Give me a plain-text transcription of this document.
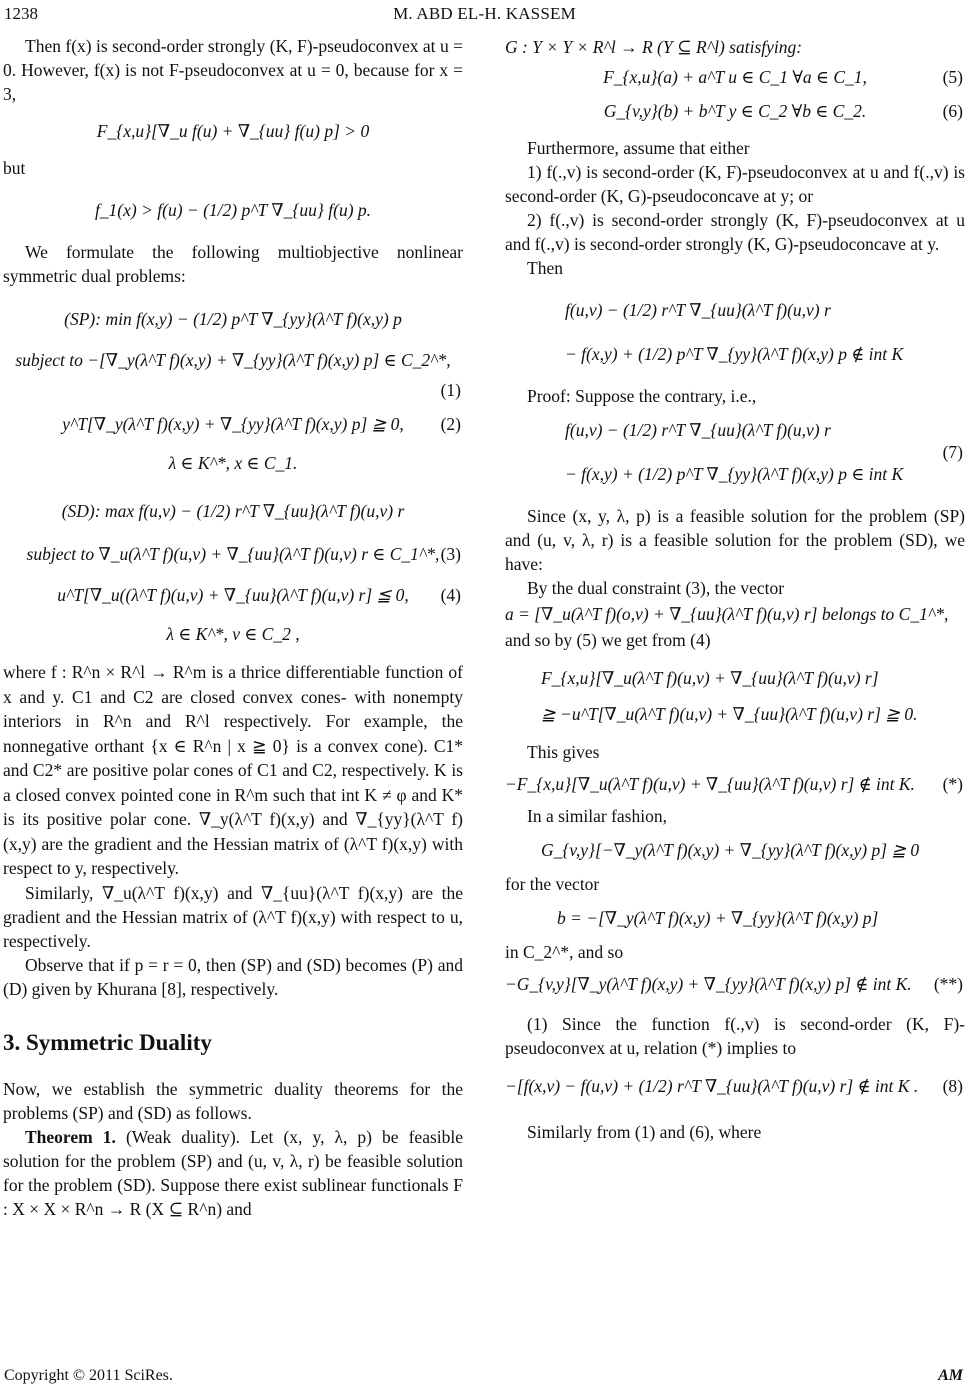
1238	M. ABD EL-H. KASSEM

Then f(x) is second-order strongly (K, F)-pseudoconvex at u = 0. However, f(x) is not F-pseudoconvex at u = 0, because for x = 3,

F_{x,u}[∇_u f(u) + ∇_{uu} f(u) p] > 0

but

f_1(x) > f(u) − (1/2) p^T ∇_{uu} f(u) p.

We formulate the following multiobjective nonlinear symmetric dual problems:

(SP): min f(x,y) − (1/2) p^T ∇_{yy}(λ^T f)(x,y) p
subject to −[∇_y(λ^T f)(x,y) + ∇_{yy}(λ^T f)(x,y) p] ∈ C_2^*,
(1)
y^T[∇_y(λ^T f)(x,y) + ∇_{yy}(λ^T f)(x,y) p] ≧ 0, (2)
λ ∈ K^*, x ∈ C_1.
(SD): max f(u,v) − (1/2) r^T ∇_{uu}(λ^T f)(u,v) r
subject to ∇_u(λ^T f)(u,v) + ∇_{uu}(λ^T f)(u,v) r ∈ C_1^*, (3)
u^T[∇_u((λ^T f)(u,v) + ∇_{uu}(λ^T f)(u,v) r] ≦ 0, (4)
λ ∈ K^*, v ∈ C_2 ,

where f : R^n × R^l → R^m is a thrice differentiable function of x and y. C1 and C2 are closed convex cones- with nonempty interiors in R^n and R^l respectively. For example, the nonnegative orthant {x ∈ R^n | x ≧ 0} is a convex cone). C1* and C2* are positive polar cones of C1 and C2, respectively. K is a closed convex pointed cone in R^m such that int K ≠ φ and K* is its positive polar cone. ∇_y(λ^T f)(x,y) and ∇_{yy}(λ^T f)(x,y) are the gradient and the Hessian matrix of (λ^T f)(x,y) with respect to y, respectively.

Similarly, ∇_u(λ^T f)(x,y) and ∇_{uu}(λ^T f)(x,y) are the gradient and the Hessian matrix of (λ^T f)(x,y) with respect to u, respectively.

Observe that if p = r = 0, then (SP) and (SD) becomes (P) and (D) given by Khurana [8], respectively.

3. Symmetric Duality

Now, we establish the symmetric duality theorems for the problems (SP) and (SD) as follows.

Theorem 1. (Weak duality). Let (x, y, λ, p) be feasible solution for the problem (SP) and (u, v, λ, r) be feasible solution for the problem (SD). Suppose there exist sublinear functionals F : X × X × R^n → R (X ⊆ R^n) and

G : Y × Y × R^l → R (Y ⊆ R^l) satisfying:
F_{x,u}(a) + a^T u ∈ C_1 ∀a ∈ C_1,	(5)
G_{v,y}(b) + b^T y ∈ C_2 ∀b ∈ C_2.	(6)

Furthermore, assume that either

1) f(.,v) is second-order (K, F)-pseudoconvex at u and f(.,v) is second-order (K, G)-pseudoconcave at y; or

2) f(.,v) is second-order strongly (K, F)-pseudoconvex at u and f(.,v) is second-order strongly (K, G)-pseudoconcave at y.

Then

f(u,v) − (1/2) r^T ∇_{uu}(λ^T f)(u,v) r
− f(x,y) + (1/2) p^T ∇_{yy}(λ^T f)(x,y) p ∉ int K

Proof: Suppose the contrary, i.e.,

f(u,v) − (1/2) r^T ∇_{uu}(λ^T f)(u,v) r
− f(x,y) + (1/2) p^T ∇_{yy}(λ^T f)(x,y) p ∈ int K
(7)

Since (x, y, λ, p) is a feasible solution for the problem (SP) and (u, v, λ, r) is a feasible solution for the problem (SD), we have:

By the dual constraint (3), the vector

a = [∇_u(λ^T f)(o,v) + ∇_{uu}(λ^T f)(u,v) r] belongs to C_1^*,

and so by (5) we get from (4)

F_{x,u}[∇_u(λ^T f)(u,v) + ∇_{uu}(λ^T f)(u,v) r]
≧ −u^T[∇_u(λ^T f)(u,v) + ∇_{uu}(λ^T f)(u,v) r] ≧ 0.

This gives

−F_{x,u}[∇_u(λ^T f)(u,v) + ∇_{uu}(λ^T f)(u,v) r] ∉ int K. (*)

In a similar fashion,

G_{v,y}[−∇_y(λ^T f)(x,y) + ∇_{yy}(λ^T f)(x,y) p] ≧ 0

for the vector

b = −[∇_y(λ^T f)(x,y) + ∇_{yy}(λ^T f)(x,y) p]

in C_2^*, and so

−G_{v,y}[∇_y(λ^T f)(x,y) + ∇_{yy}(λ^T f)(x,y) p] ∉ int K. (**)

(1) Since the function f(.,v) is second-order (K, F)-pseudoconvex at u, relation (*) implies to

−[f(x,v) − f(u,v) + (1/2) r^T ∇_{uu}(λ^T f)(u,v) r] ∉ int K . (8)

Similarly from (1) and (6), where

Copyright © 2011 SciRes.	AM
